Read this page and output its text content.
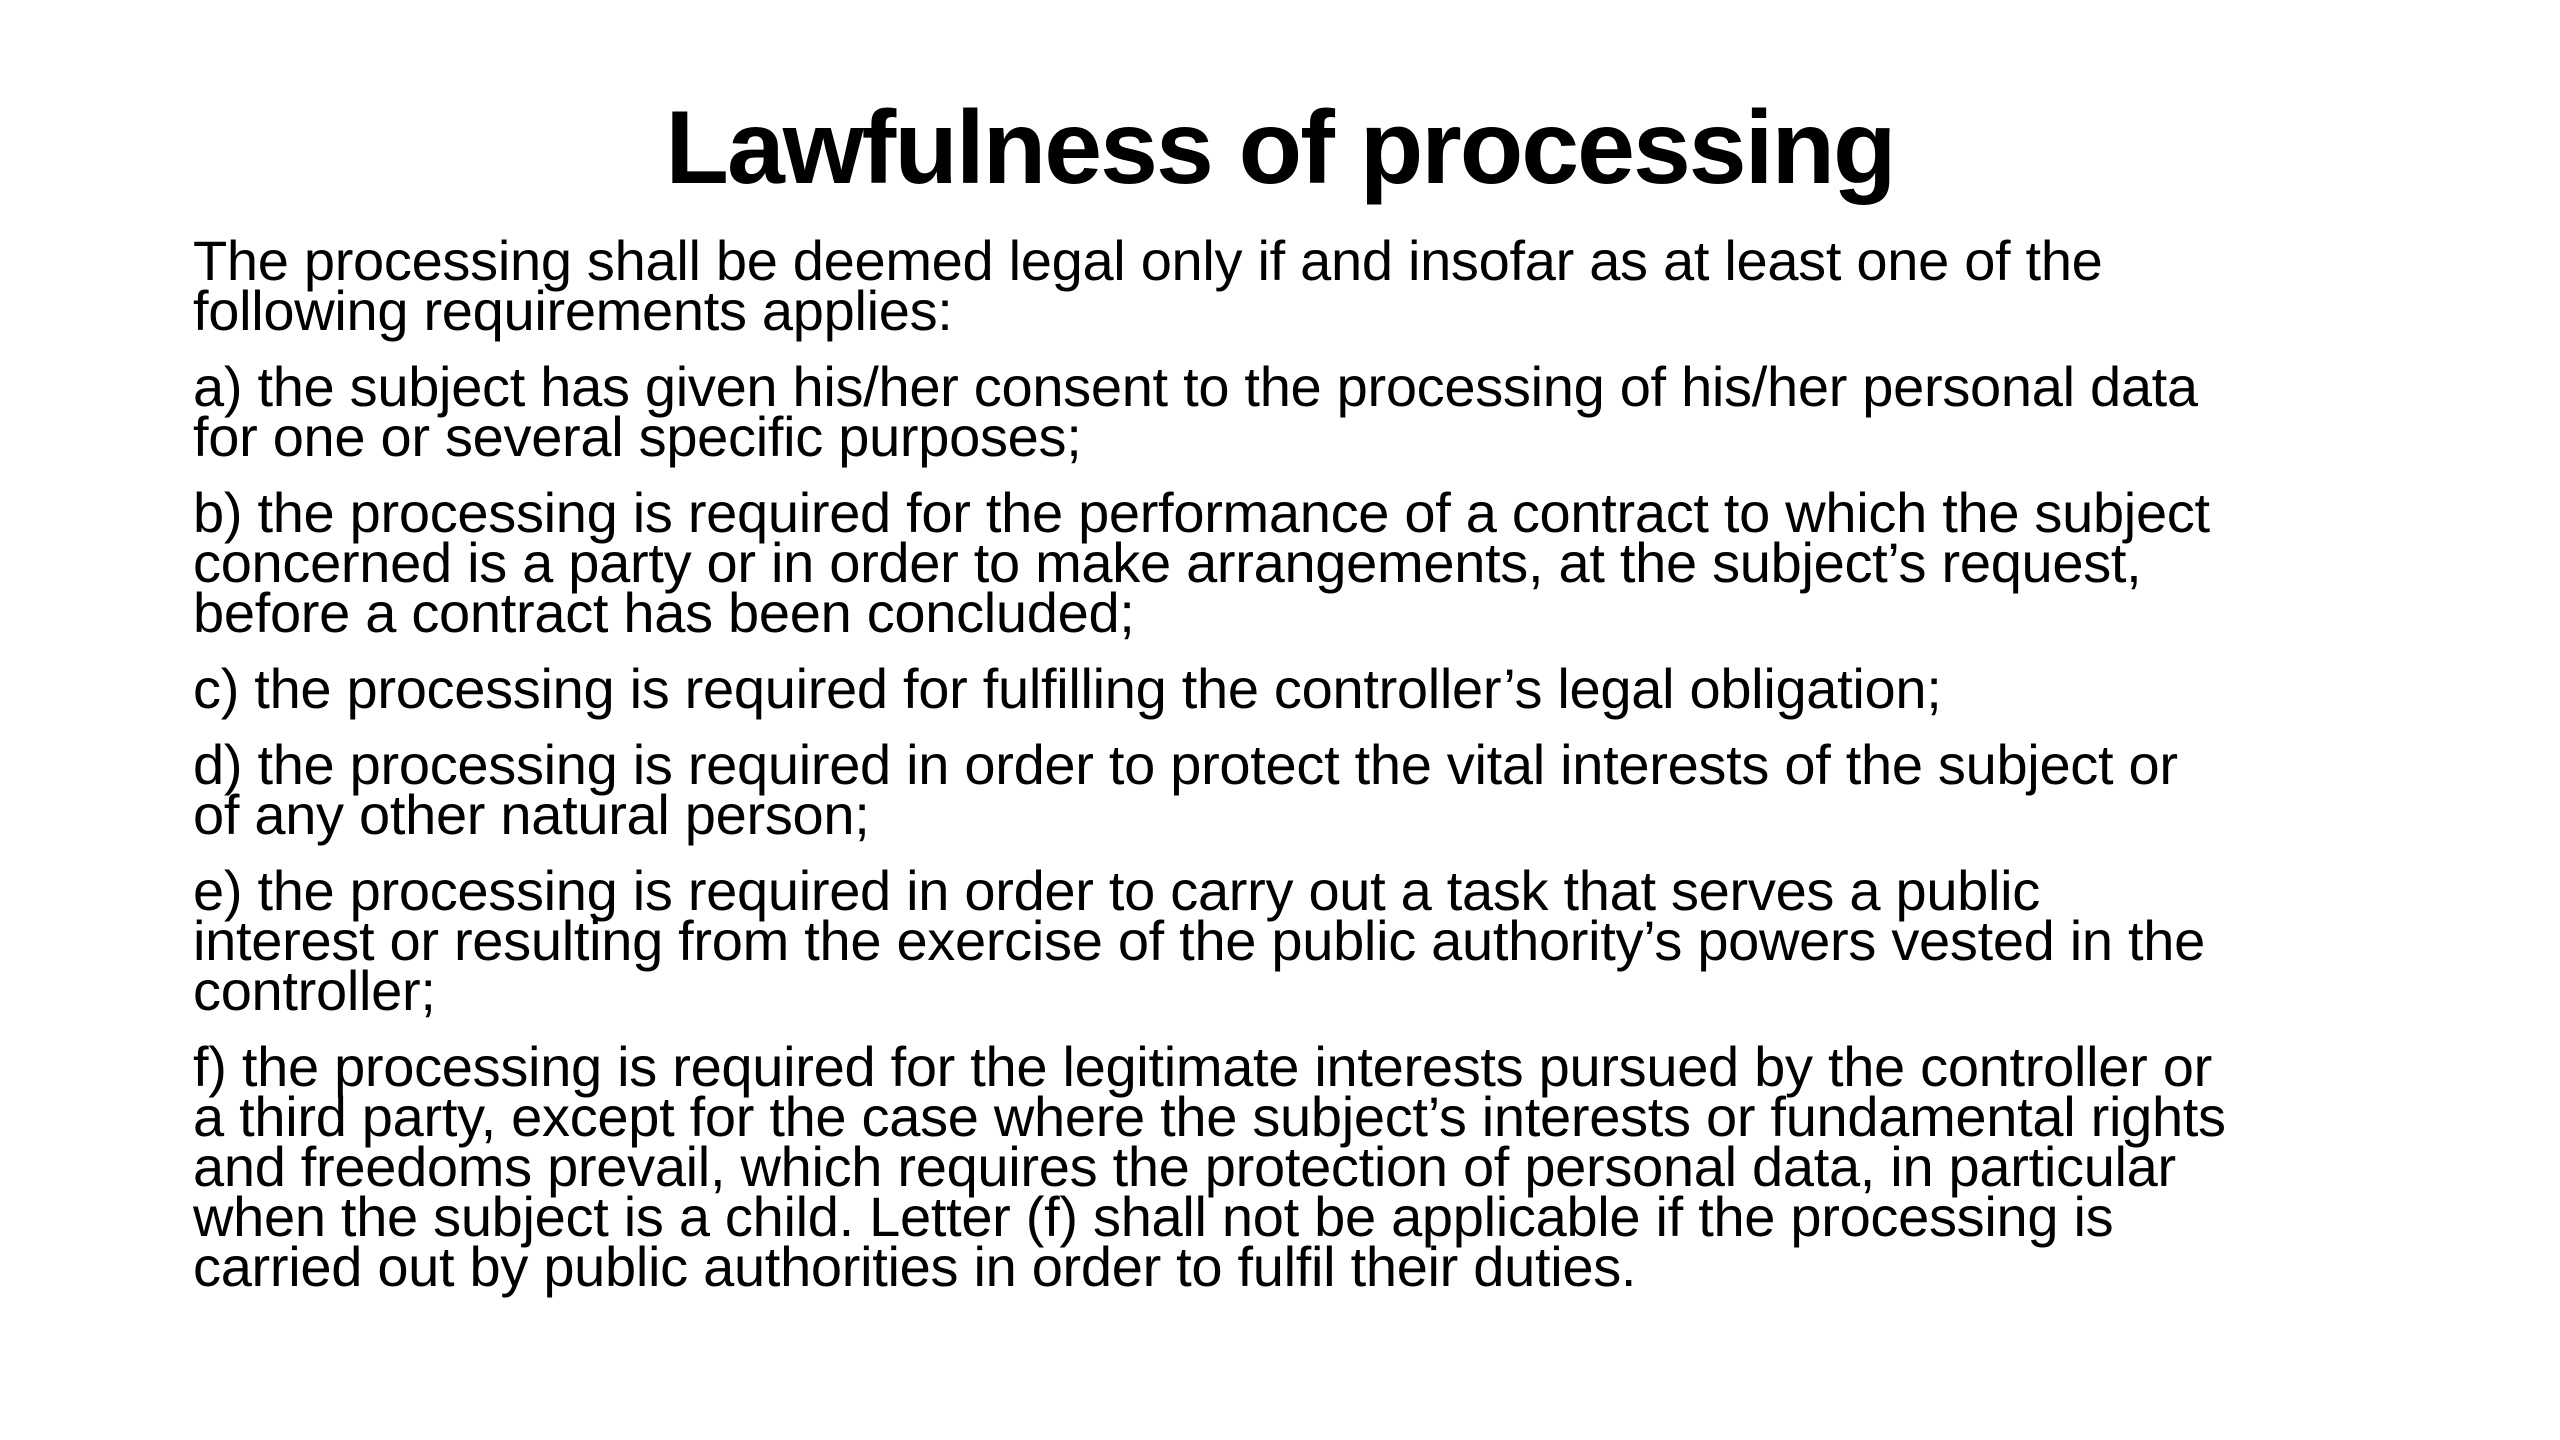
Lawfulness of processing

The processing shall be deemed legal only if and insofar as at least one of the
following requirements applies:

a) the subject has given his/her consent to the processing of his/her personal data
for one or several specific purposes;

b) the processing is required for the performance of a contract to which the subject
concerned is a party or in order to make arrangements, at the subject’s request,
before a contract has been concluded;

c) the processing is required for fulfilling the controller’s legal obligation;

d) the processing is required in order to protect the vital interests of the subject or
of any other natural person;

e) the processing is required in order to carry out a task that serves a public
interest or resulting from the exercise of the public authority’s powers vested in the
controller;

f) the processing is required for the legitimate interests pursued by the controller or
a third party, except for the case where the subject’s interests or fundamental rights
and freedoms prevail, which requires the protection of personal data, in particular
when the subject is a child. Letter (f) shall not be applicable if the processing is
carried out by public authorities in order to fulfil their duties.
